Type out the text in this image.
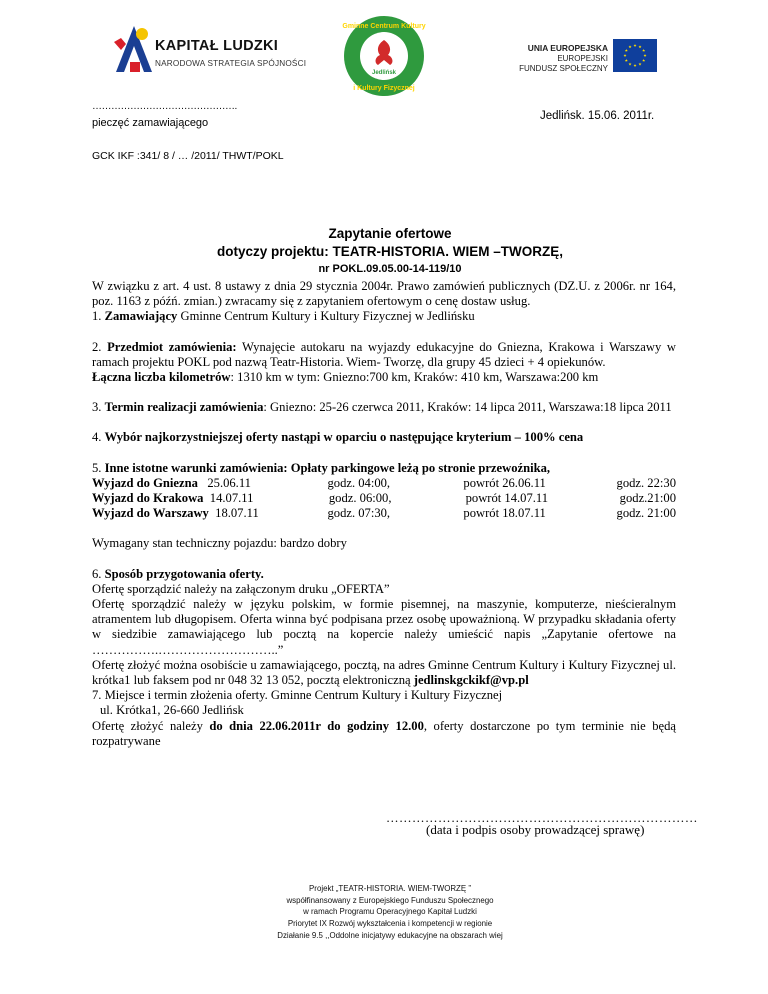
KAPITAŁ LUDZKI
NARODOWA STRATEGIA SPÓJNOŚCI
Gminne Centrum Kultury
i Kultury Fizycznej
Jedlińsk
UNIA EUROPEJSKA
EUROPEJSKI
FUNDUSZ SPOŁECZNY
……………………………………….
pieczęć zamawiającego
Jedlińsk. 15.06. 2011r.
GCK IKF :341/ 8 / … /2011/ THWT/POKL
Zapytanie ofertowe
dotyczy projektu: TEATR-HISTORIA. WIEM –TWORZĘ,
nr POKL.09.05.00-14-119/10

W związku z art. 4 ust. 8 ustawy z dnia 29 stycznia 2004r. Prawo zamówień publicznych (DZ.U. z 2006r. nr 164, poz. 1163 z późń. zmian.) zwracamy się z zapytaniem ofertowym o cenę dostaw usług.

1. Zamawiający Gminne Centrum Kultury i Kultury Fizycznej w Jedlińsku

2. Przedmiot zamówienia: Wynajęcie autokaru na wyjazdy edukacyjne do Gniezna, Krakowa i Warszawy w ramach projektu POKL pod nazwą Teatr-Historia. Wiem- Tworzę, dla grupy 45 dzieci + 4 opiekunów.

Łączna liczba kilometrów: 1310 km w tym: Gniezno:700 km, Kraków: 410 km, Warszawa:200 km

3. Termin realizacji zamówienia: Gniezno: 25-26 czerwca 2011, Kraków: 14 lipca 2011, Warszawa:18 lipca 2011

4. Wybór najkorzystniejszej oferty nastąpi w oparciu o następujące kryterium – 100% cena

5. Inne istotne warunki zamówienia: Opłaty parkingowe leżą po stronie przewoźnika,

Wyjazd do Gniezna 25.06.11	godz. 04:00,	powrót 26.06.11	godz. 22:30
Wyjazd do Krakowa 14.07.11	godz. 06:00,	powrót 14.07.11	godz.21:00
Wyjazd do Warszawy 18.07.11	godz. 07:30,	powrót 18.07.11	godz. 21:00

Wymagany stan techniczny pojazdu: bardzo dobry

6. Sposób przygotowania oferty.

Ofertę sporządzić należy na załączonym druku „OFERTA”

Ofertę sporządzić należy w języku polskim, w formie pisemnej, na maszynie, komputerze, nieścieralnym atramentem lub długopisem. Oferta winna być podpisana przez osobę upoważnioną. W przypadku składania oferty w siedzibie zamawiającego lub pocztą na kopercie należy umieścić napis „Zapytanie ofertowe na …………….………………………..”

Ofertę złożyć można osobiście u zamawiającego, pocztą, na adres Gminne Centrum Kultury i Kultury Fizycznej ul. krótka1 lub faksem pod nr 048 32 13 052, pocztą elektroniczną jedlinskgckikf@vp.pl

7. Miejsce i termin złożenia oferty. Gminne Centrum Kultury i Kultury Fizycznej

ul. Krótka1, 26-660 Jedlińsk

Ofertę złożyć należy do dnia 22.06.2011r do godziny 12.00, oferty dostarczone po tym terminie nie będą rozpatrywane

………………………………………………………………
(data i podpis osoby prowadzącej sprawę)
Projekt „TEATR-HISTORIA. WIEM-TWORZĘ ”
współfinansowany z Europejskiego Funduszu Społecznego
w ramach Programu Operacyjnego Kapitał Ludzki
Priorytet IX Rozwój wykształcenia i kompetencji w regionie
Działanie 9.5 ,,Oddolne inicjatywy edukacyjne na obszarach wiej
